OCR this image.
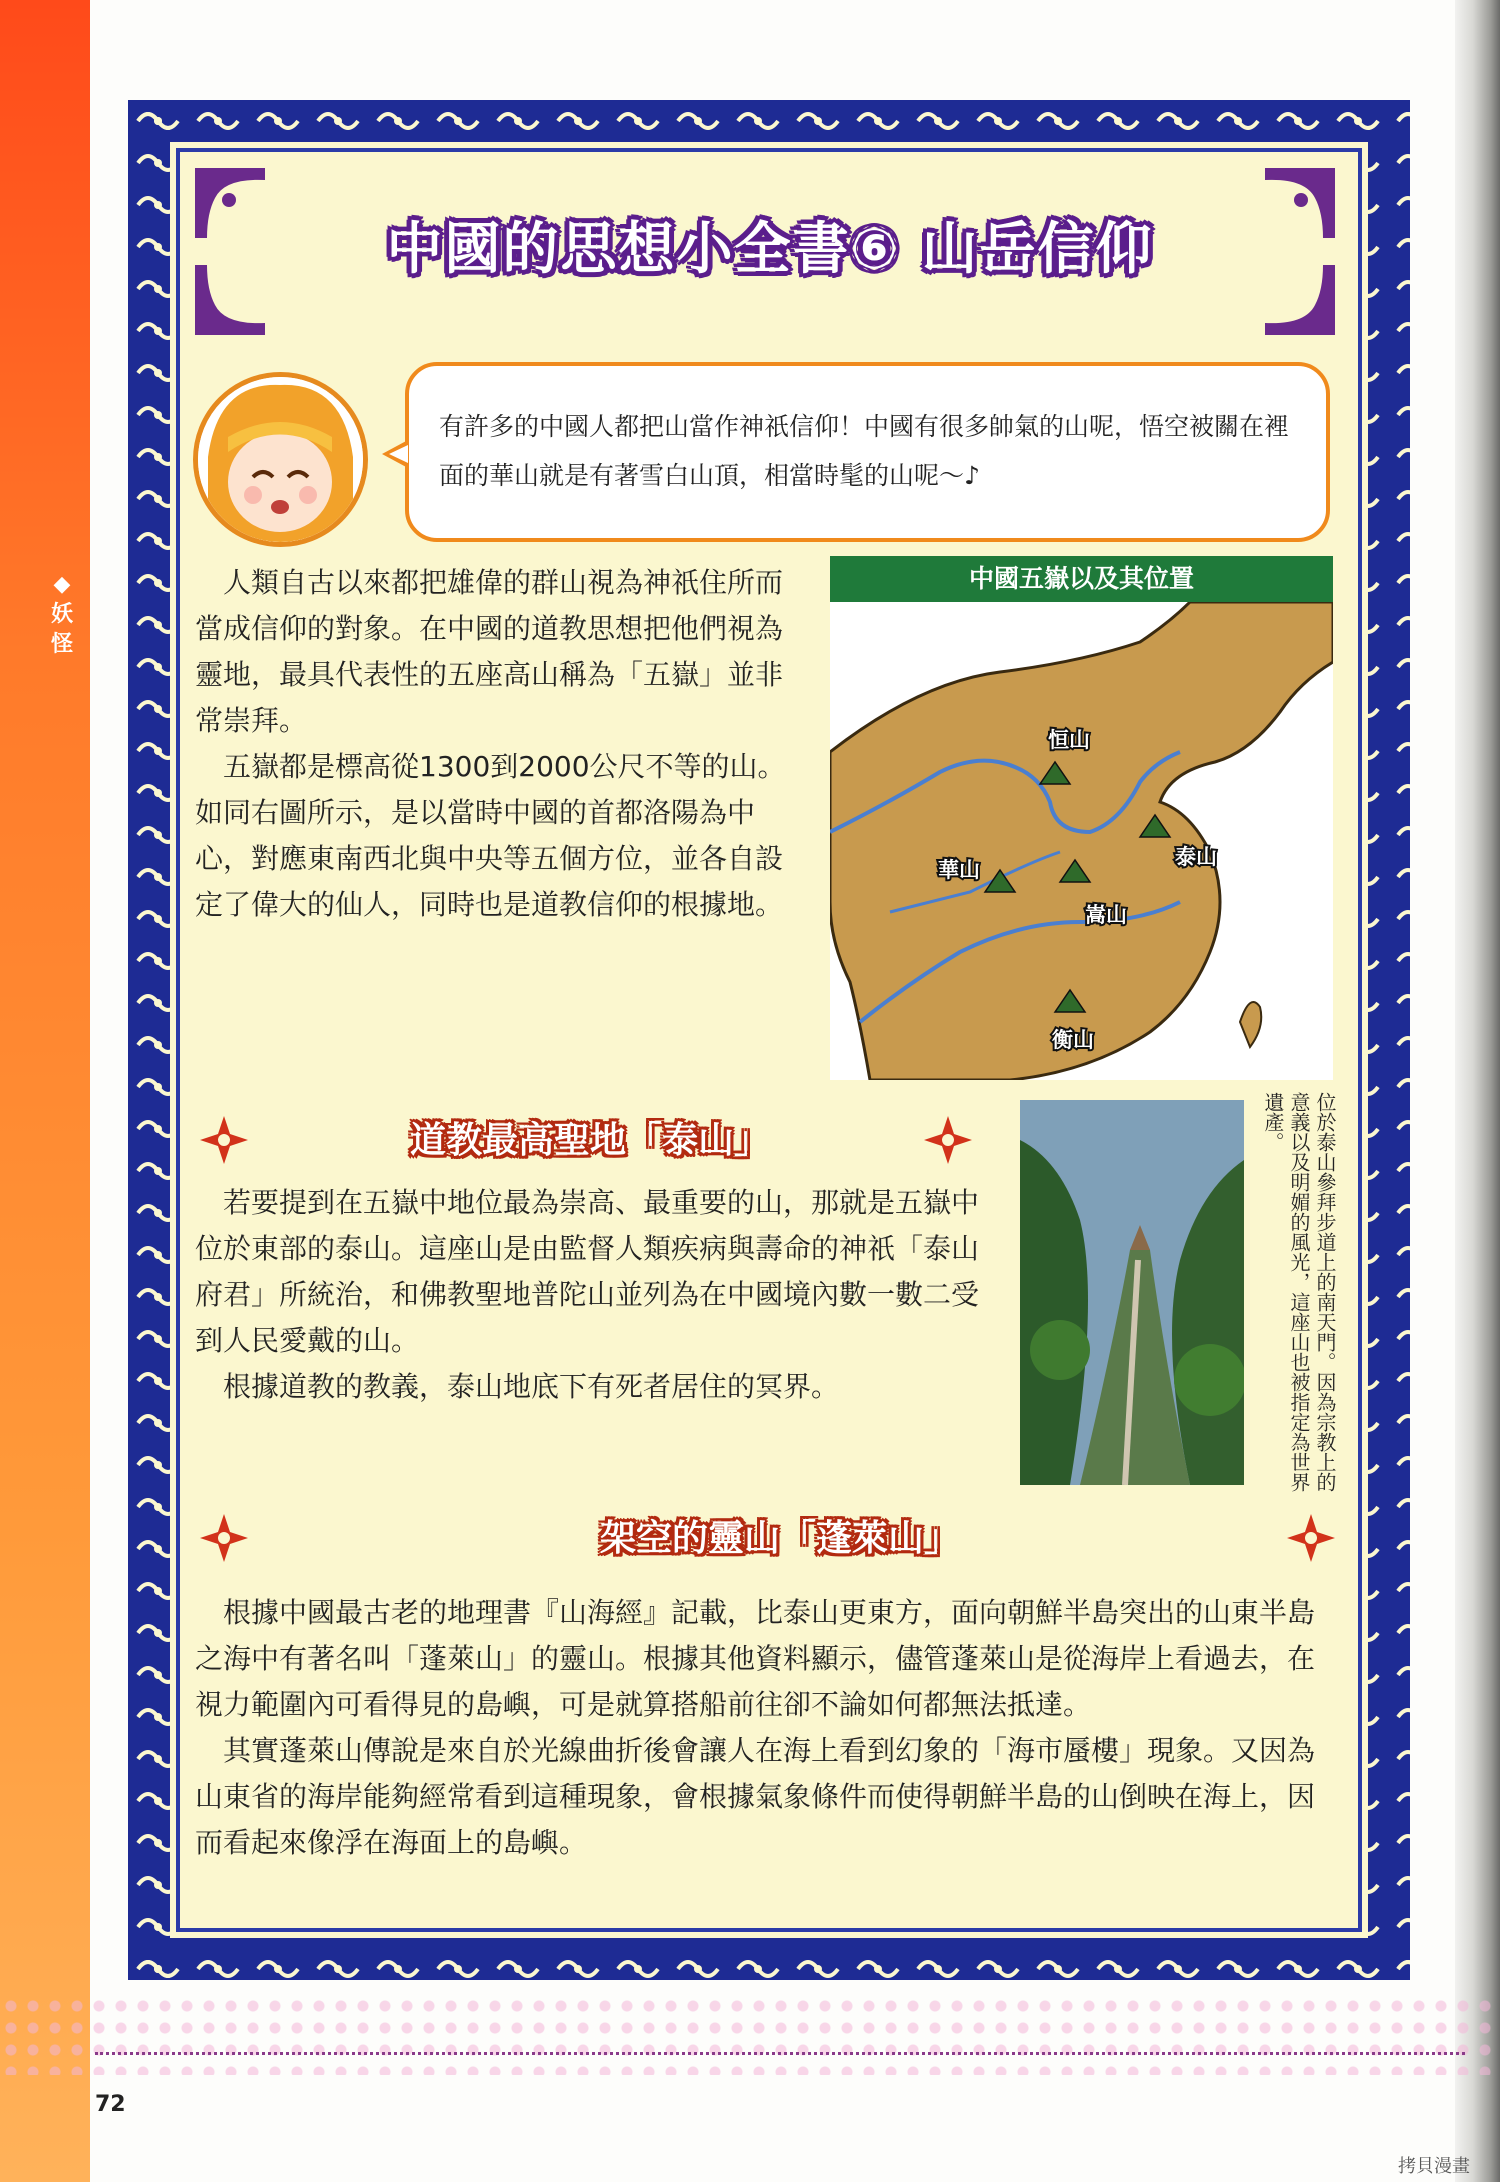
◆妖怪
中國的思想小全書⑥ 山岳信仰
有許多的中國人都把山當作神祇信仰！中國有很多帥氣的山呢，悟空被關在裡面的華山就是有著雪白山頂，相當時髦的山呢～♪

人類自古以來都把雄偉的群山視為神祇住所而當成信仰的對象。在中國的道教思想把他們視為靈地，最具代表性的五座高山稱為「五嶽」並非常崇拜。

五嶽都是標高從1300到2000公尺不等的山。如同右圖所示，是以當時中國的首都洛陽為中心，對應東南西北與中央等五個方位，並各自設定了偉大的仙人，同時也是道教信仰的根據地。

中國五嶽以及其位置
恒山
泰山
華山
嵩山
衡山
道教最高聖地「泰山」

若要提到在五嶽中地位最為崇高、最重要的山，那就是五嶽中位於東部的泰山。這座山是由監督人類疾病與壽命的神祇「泰山府君」所統治，和佛教聖地普陀山並列為在中國境內數一數二受到人民愛戴的山。

根據道教的教義，泰山地底下有死者居住的冥界。	位於泰山參拜步道上的南天門。因為宗教上的意義以及明媚的風光，這座山也被指定為世界遺產。
架空的靈山「蓬萊山」

根據中國最古老的地理書『山海經』記載，比泰山更東方，面向朝鮮半島突出的山東半島之海中有著名叫「蓬萊山」的靈山。根據其他資料顯示，儘管蓬萊山是從海岸上看過去，在視力範圍內可看得見的島嶼，可是就算搭船前往卻不論如何都無法抵達。

其實蓬萊山傳說是來自於光線曲折後會讓人在海上看到幻象的「海市蜃樓」現象。又因為山東省的海岸能夠經常看到這種現象，會根據氣象條件而使得朝鮮半島的山倒映在海上，因而看起來像浮在海面上的島嶼。

72
拷貝漫畫
